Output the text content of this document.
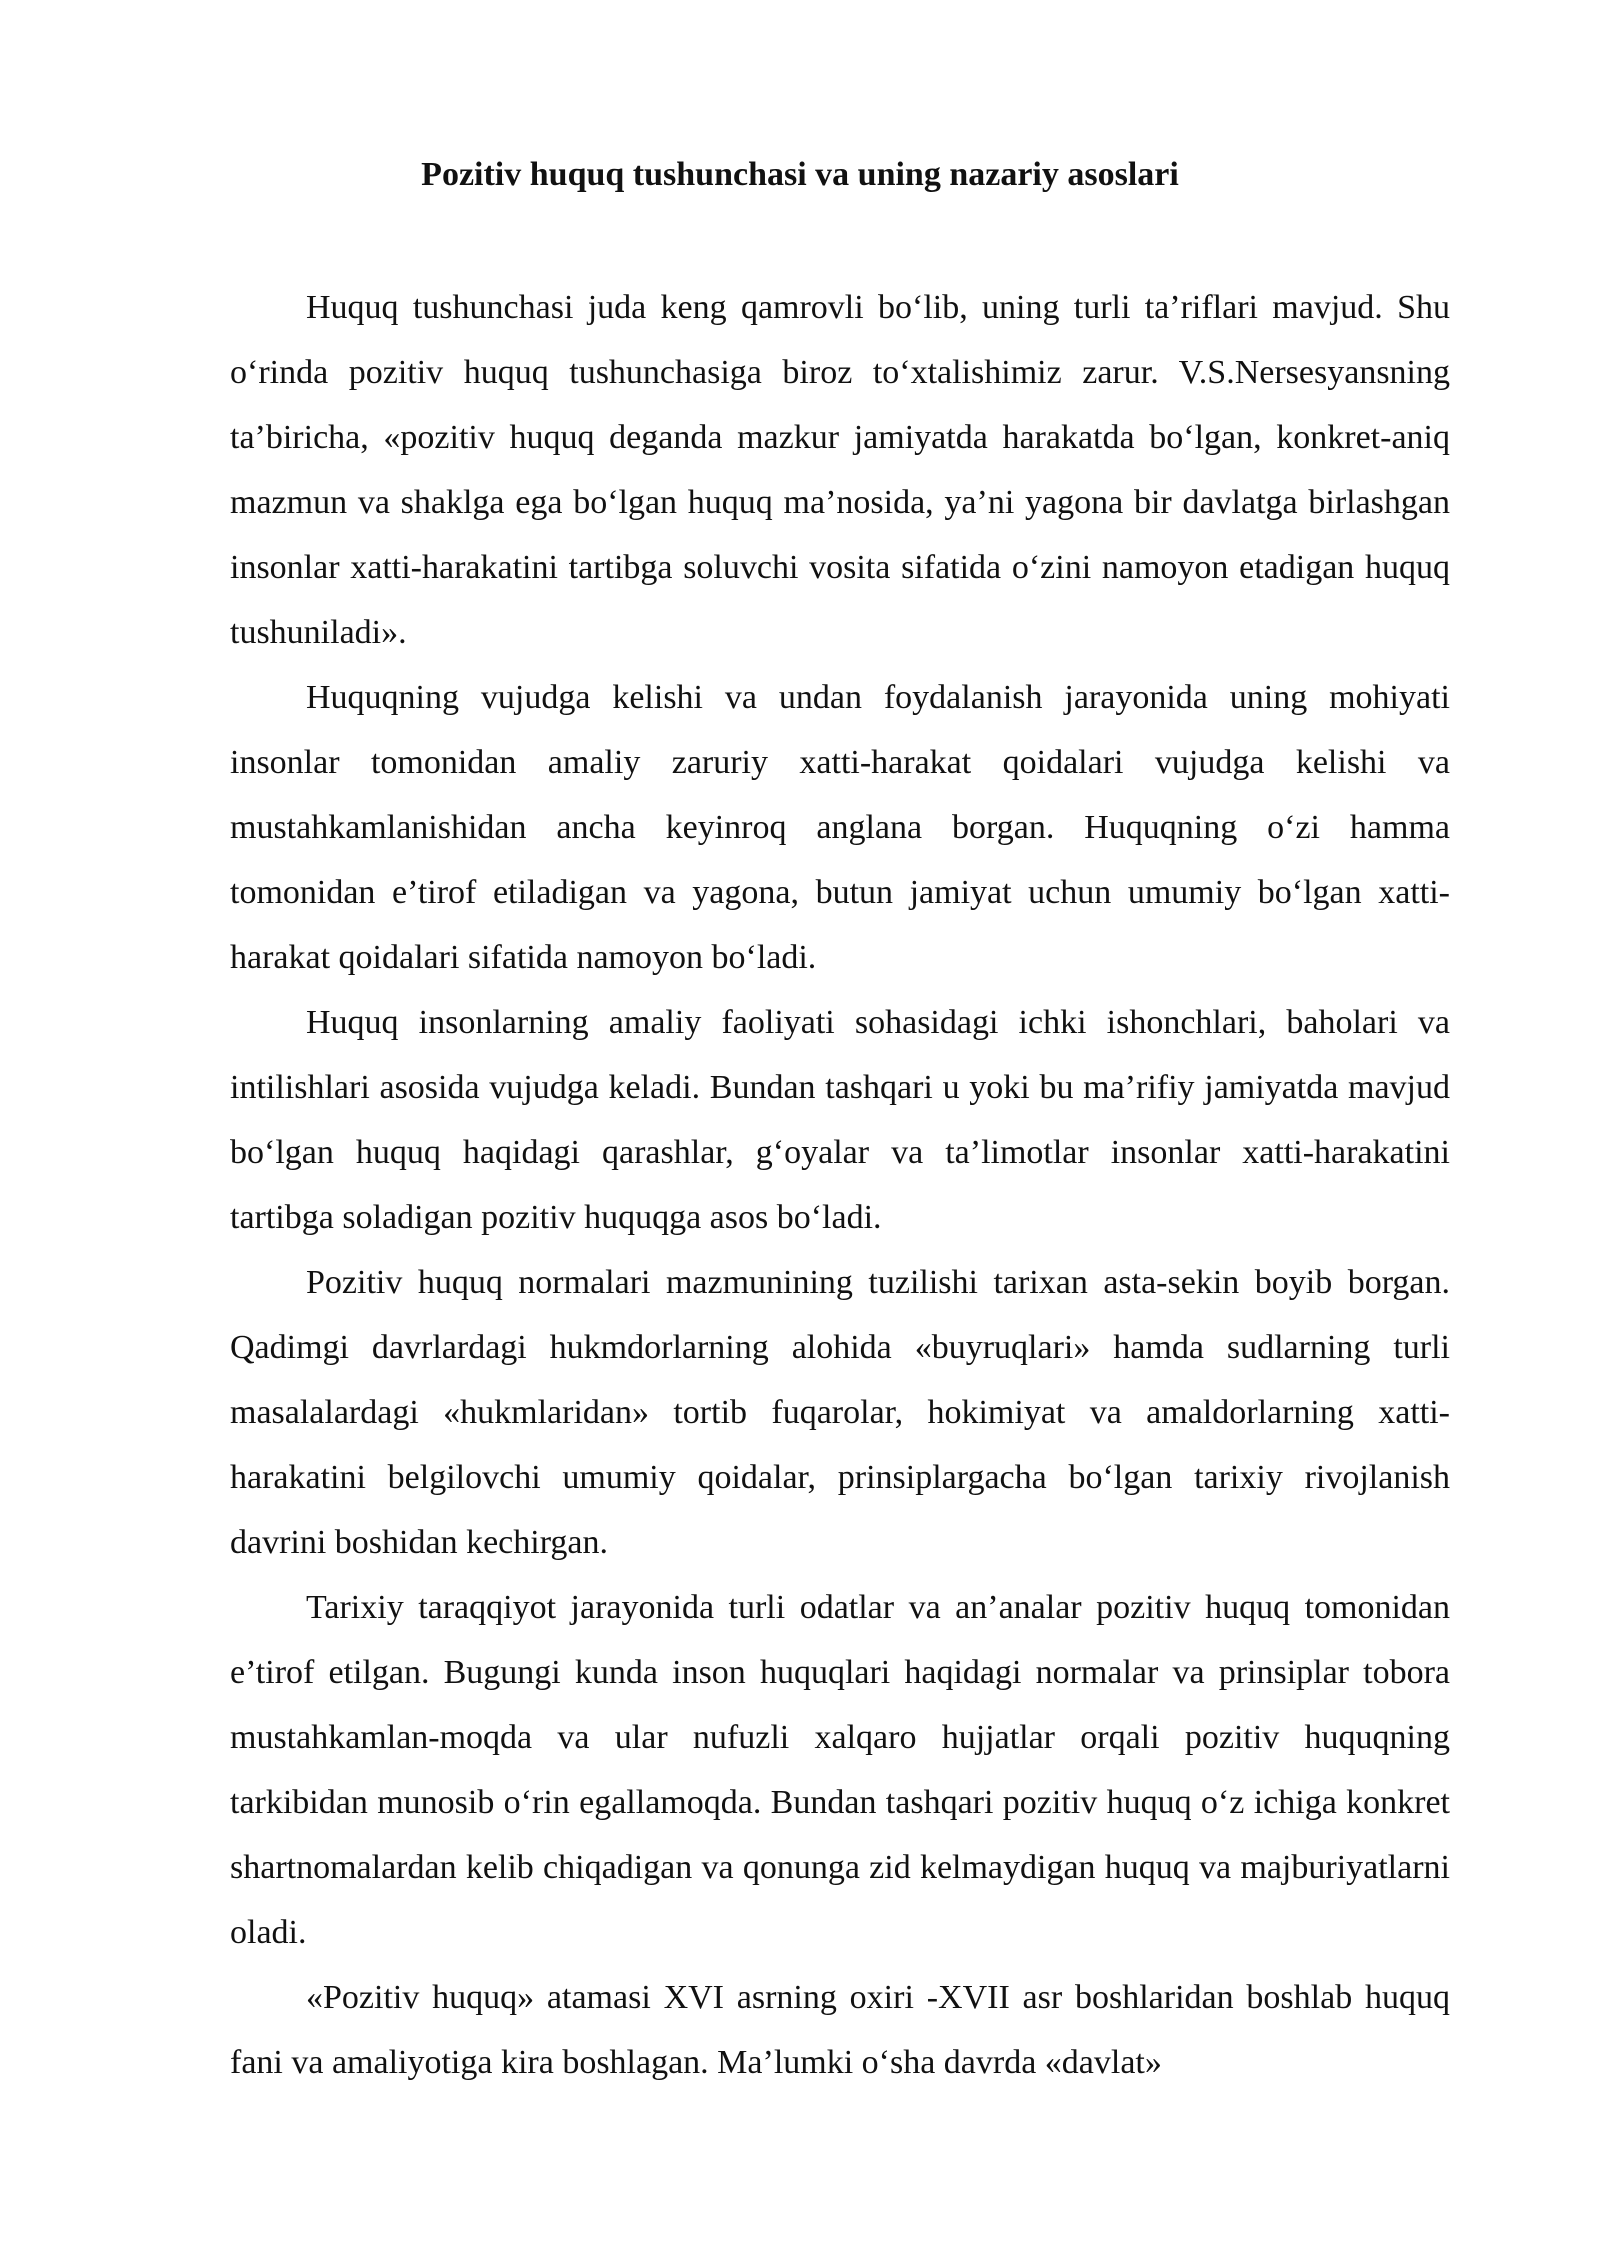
Pozitiv huquq tushunchasi va uning nazariy asoslari

Huquq tushunchasi juda keng qamrovli bo‘lib, uning turli ta’riflari mavjud. Shu o‘rinda pozitiv huquq tushunchasiga biroz to‘xtalishimiz zarur. V.S.Nersesyansning ta’biricha, «pozitiv huquq deganda mazkur jamiyatda harakatda bo‘lgan, konkret-aniq mazmun va shaklga ega bo‘lgan huquq ma’nosida, ya’ni yagona bir davlatga birlashgan insonlar xatti-harakatini tartibga soluvchi vosita sifatida o‘zini namoyon etadigan huquq tushuniladi».

Huquqning vujudga kelishi va undan foydalanish jarayonida uning mohiyati insonlar tomonidan amaliy zaruriy xatti-harakat qoidalari vujudga kelishi va mustahkamlanishidan ancha keyinroq anglana borgan. Huquqning o‘zi hamma tomonidan e’tirof etiladigan va yagona, butun jamiyat uchun umumiy bo‘lgan xatti-harakat qoidalari sifatida namoyon bo‘ladi.

Huquq insonlarning amaliy faoliyati sohasidagi ichki ishonchlari, baholari va intilishlari asosida vujudga keladi. Bundan tashqari u yoki bu ma’rifiy jamiyatda mavjud bo‘lgan huquq haqidagi qarashlar, g‘oyalar va ta’limotlar insonlar xatti-harakatini tartibga soladigan pozitiv huquqga asos bo‘ladi.

Pozitiv huquq normalari mazmunining tuzilishi tarixan asta-sekin boyib borgan. Qadimgi davrlardagi hukmdorlarning alohida «buyruqlari» hamda sudlarning turli masalalardagi «hukmlaridan» tortib fuqarolar, hokimiyat va amaldorlarning xatti-harakatini belgilovchi umumiy qoidalar, prinsiplargacha bo‘lgan tarixiy rivojlanish davrini boshidan kechirgan.

Tarixiy taraqqiyot jarayonida turli odatlar va an’analar pozitiv huquq tomonidan e’tirof etilgan. Bugungi kunda inson huquqlari haqidagi normalar va prinsiplar tobora mustahkamlan-moqda va ular nufuzli xalqaro hujjatlar orqali pozitiv huquqning tarkibidan munosib o‘rin egallamoqda. Bundan tashqari pozitiv huquq o‘z ichiga konkret shartnomalardan kelib chiqadigan va qonunga zid kelmaydigan huquq va majburiyatlarni oladi.

«Pozitiv huquq» atamasi XVI asrning oxiri -XVII asr boshlaridan boshlab huquq fani va amaliyotiga kira boshlagan. Ma’lumki o‘sha davrda «davlat»
